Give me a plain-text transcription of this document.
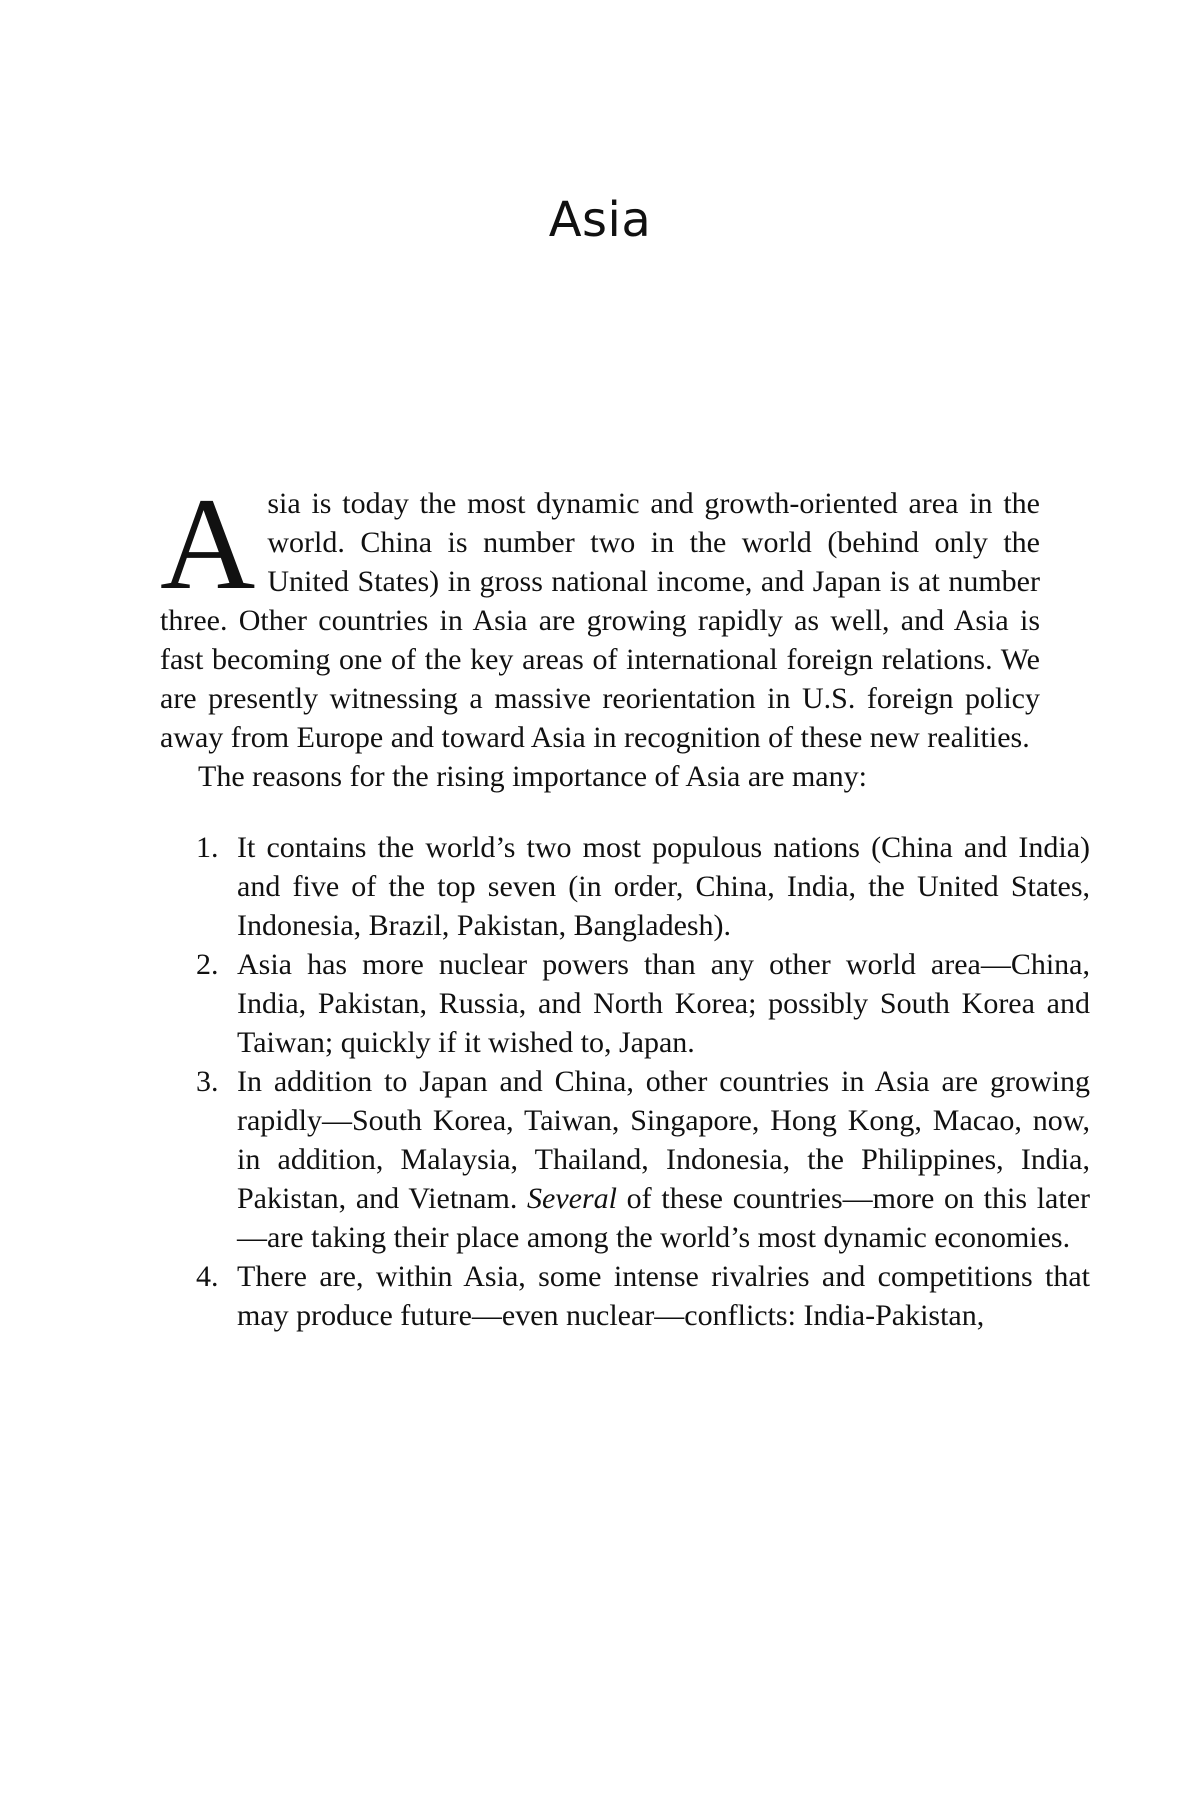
Asia

Asia is today the most dynamic and growth-oriented area in the world. China is number two in the world (behind only the United States) in gross national income, and Japan is at number three. Other countries in Asia are growing rapidly as well, and Asia is fast becoming one of the key areas of international foreign relations. We are presently witnessing a massive reorientation in U.S. foreign policy away from Europe and toward Asia in recognition of these new realities.

The reasons for the rising importance of Asia are many:

1. It contains the world’s two most populous nations (China and India) and five of the top seven (in order, China, India, the United States, Indonesia, Brazil, Pakistan, Bangladesh).
2. Asia has more nuclear powers than any other world area—China, India, Pakistan, Russia, and North Korea; possibly South Korea and Taiwan; quickly if it wished to, Japan.
3. In addition to Japan and China, other countries in Asia are growing rapidly—South Korea, Taiwan, Singapore, Hong Kong, Macao, now, in addition, Malaysia, Thailand, Indonesia, the Philippines, India, Pakistan, and Vietnam. Several of these countries—more on this later—are taking their place among the world’s most dynamic economies.
4. There are, within Asia, some intense rivalries and competitions that may produce future—even nuclear—conflicts: India-Pakistan,
